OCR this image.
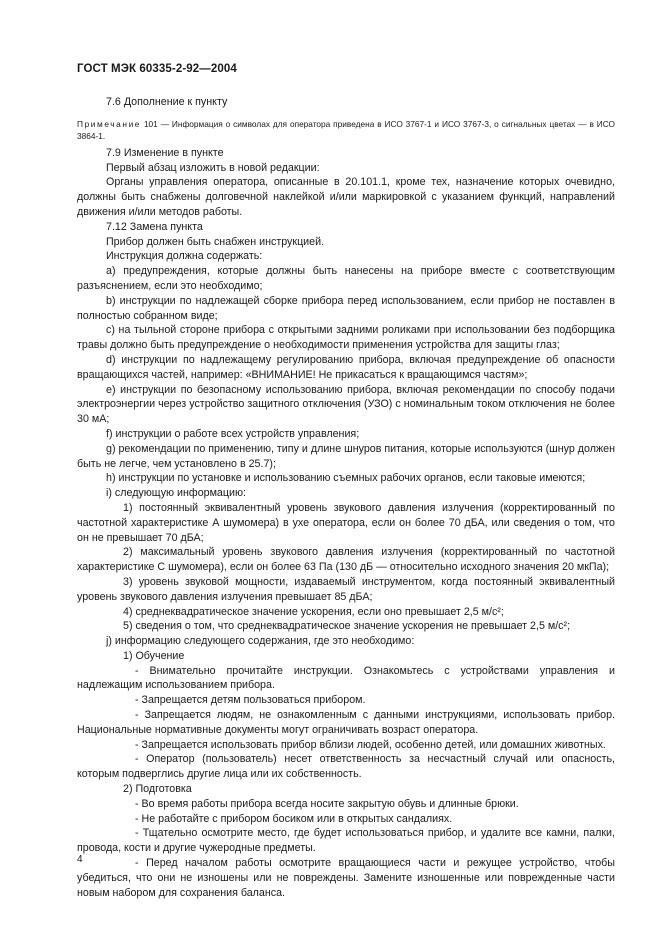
ГОСТ МЭК 60335-2-92—2004

7.6 Дополнение к пункту

Примечание 101 — Информация о символах для оператора приведена в ИСО 3767-1 и ИСО 3767-3, о сигнальных цветах — в ИСО 3864-1.

7.9 Изменение в пункте

Первый абзац изложить в новой редакции:

Органы управления оператора, описанные в 20.101.1, кроме тех, назначение которых очевидно, должны быть снабжены долговечной наклейкой и/или маркировкой с указанием функций, направлений движения и/или методов работы.

7.12 Замена пункта

Прибор должен быть снабжен инструкцией.

Инструкция должна содержать:

a) предупреждения, которые должны быть нанесены на приборе вместе с соответствующим разъяснением, если это необходимо;

b) инструкции по надлежащей сборке прибора перед использованием, если прибор не поставлен в полностью собранном виде;

c) на тыльной стороне прибора с открытыми задними роликами при использовании без подборщика травы должно быть предупреждение о необходимости применения устройства для защиты глаз;

d) инструкции по надлежащему регулированию прибора, включая предупреждение об опасности вращающихся частей, например: «ВНИМАНИЕ! Не прикасаться к вращающимся частям»;

e) инструкции по безопасному использованию прибора, включая рекомендации по способу подачи электроэнергии через устройство защитного отключения (УЗО) с номинальным током отключения не более 30 мА;

f) инструкции о работе всех устройств управления;

g) рекомендации по применению, типу и длине шнуров питания, которые используются (шнур должен быть не легче, чем установлено в 25.7);

h) инструкции по установке и использованию съемных рабочих органов, если таковые имеются;

i) следующую информацию:

1) постоянный эквивалентный уровень звукового давления излучения (корректированный по частотной характеристике А шумомера) в ухе оператора, если он более 70 дБА, или сведения о том, что он не превышает 70 дБА;

2) максимальный уровень звукового давления излучения (корректированный по частотной характеристике С шумомера), если он более 63 Па (130 дБ — относительно исходного значения 20 мкПа);

3) уровень звуковой мощности, издаваемый инструментом, когда постоянный эквивалентный уровень звукового давления излучения превышает 85 дБА;

4) среднеквадратическое значение ускорения, если оно превышает 2,5 м/с²;

5) сведения о том, что среднеквадратическое значение ускорения не превышает 2,5 м/с²;

j) информацию следующего содержания, где это необходимо:

1) Обучение

- Внимательно прочитайте инструкции. Ознакомьтесь с устройствами управления и надлежащим использованием прибора.

- Запрещается детям пользоваться прибором.

- Запрещается людям, не ознакомленным с данными инструкциями, использовать прибор. Национальные нормативные документы могут ограничивать возраст оператора.

- Запрещается использовать прибор вблизи людей, особенно детей, или домашних животных.

- Оператор (пользователь) несет ответственность за несчастный случай или опасность, которым подверглись другие лица или их собственность.

2) Подготовка

- Во время работы прибора всегда носите закрытую обувь и длинные брюки.

- Не работайте с прибором босиком или в открытых сандалиях.

- Тщательно осмотрите место, где будет использоваться прибор, и удалите все камни, палки, провода, кости и другие чужеродные предметы.

- Перед началом работы осмотрите вращающиеся части и режущее устройство, чтобы убедиться, что они не изношены или не повреждены. Замените изношенные или поврежденные части новым набором для сохранения баланса.

4
